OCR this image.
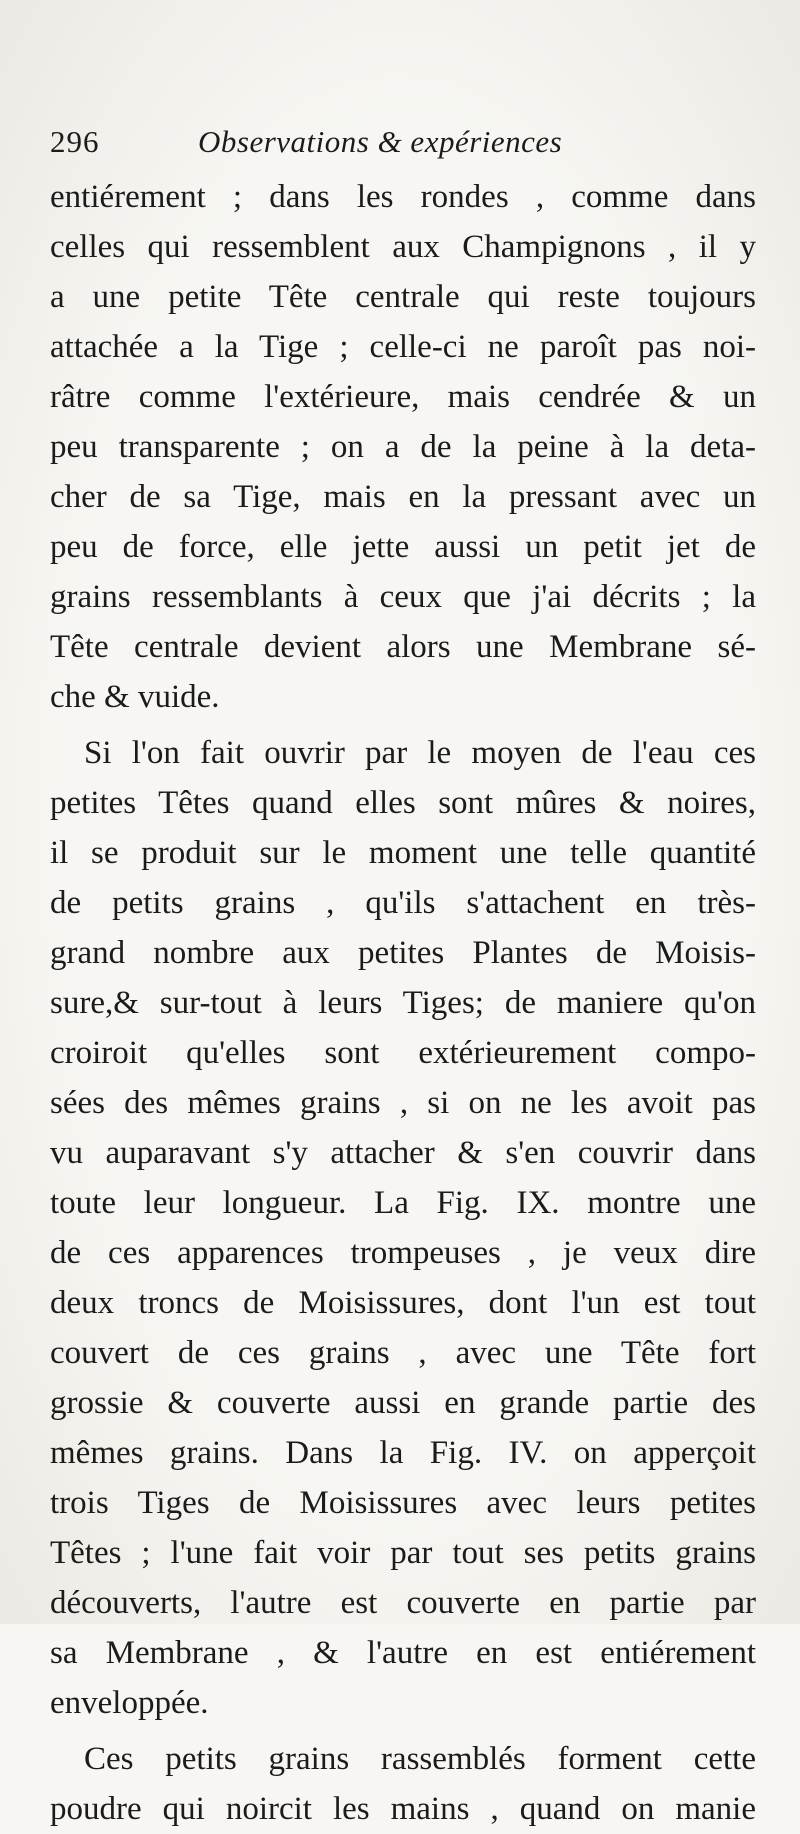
296	Observations & expériences
entiérement ; dans les rondes , comme dans
celles qui ressemblent aux Champignons , il y
a une petite Tête centrale qui reste toujours
attachée a la Tige ; celle-ci ne paroît pas noi-
râtre comme l'extérieure, mais cendrée & un
peu transparente ; on a de la peine à la deta-
cher de sa Tige, mais en la pressant avec un
peu de force, elle jette aussi un petit jet de
grains ressemblants à ceux que j'ai décrits ; la
Tête centrale devient alors une Membrane sé-
che & vuide.
Si l'on fait ouvrir par le moyen de l'eau ces
petites Têtes quand elles sont mûres & noires,
il se produit sur le moment une telle quantité
de petits grains , qu'ils s'attachent en très-
grand nombre aux petites Plantes de Moisis-
sure,& sur-tout à leurs Tiges; de maniere qu'on
croiroit qu'elles sont extérieurement compo-
sées des mêmes grains , si on ne les avoit pas
vu auparavant s'y attacher & s'en couvrir dans
toute leur longueur. La Fig. IX. montre une
de ces apparences trompeuses , je veux dire
deux troncs de Moisissures, dont l'un est tout
couvert de ces grains , avec une Tête fort
grossie & couverte aussi en grande partie des
mêmes grains. Dans la Fig. IV. on apperçoit
trois Tiges de Moisissures avec leurs petites
Têtes ; l'une fait voir par tout ses petits grains
découverts, l'autre est couverte en partie par
sa Membrane , & l'autre en est entiérement
enveloppée.
Ces petits grains rassemblés forment cette
poudre qui noircit les mains , quand on manie
